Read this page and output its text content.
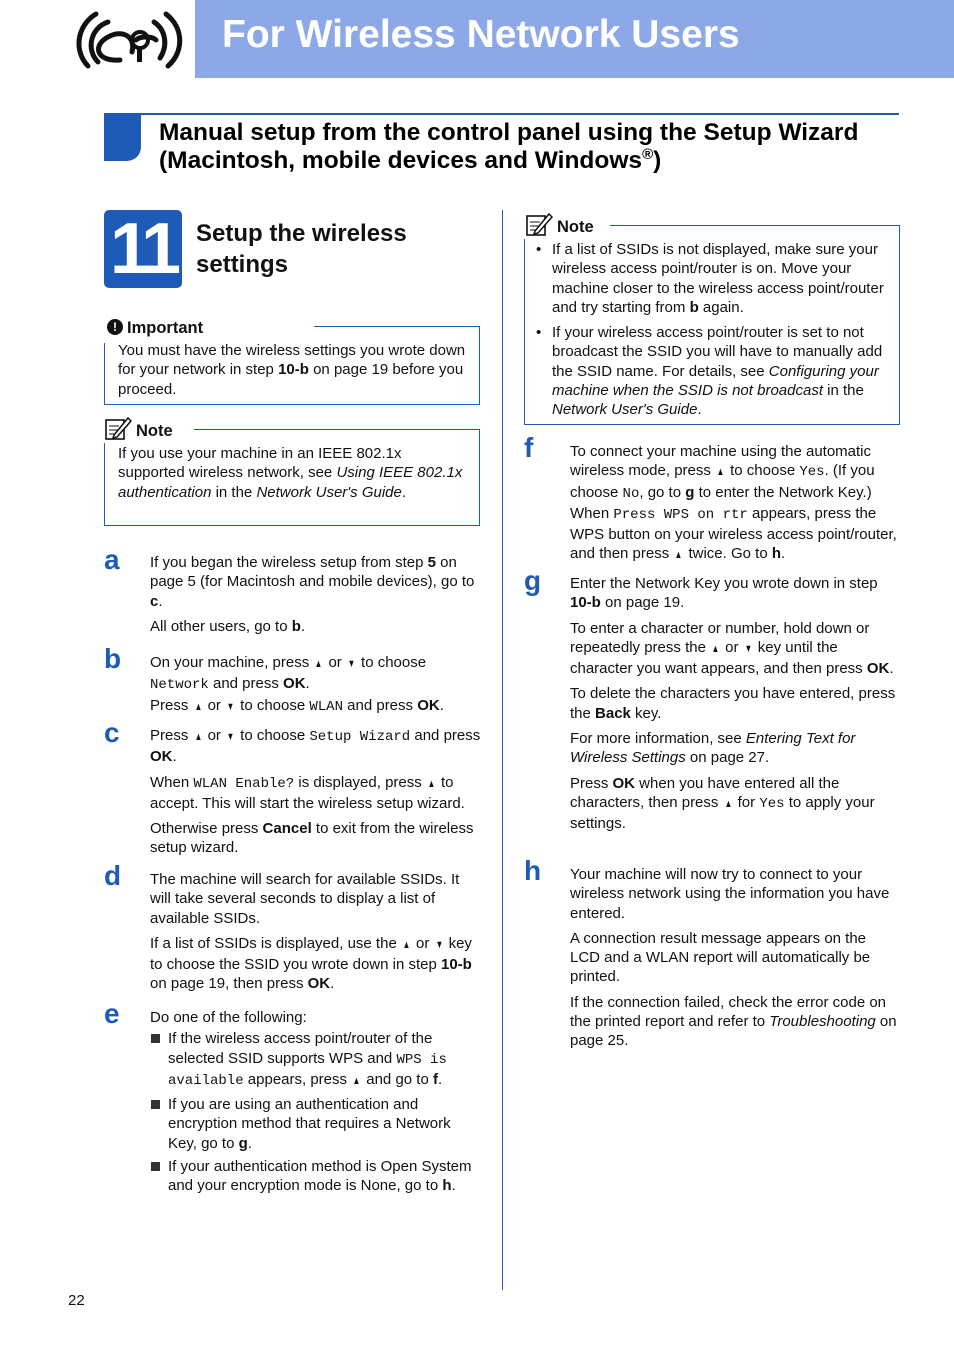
For Wireless Network Users
Manual setup from the control panel using the Setup Wizard (Macintosh, mobile devices and Windows®)
11 Setup the wireless settings
! Important
You must have the wireless settings you wrote down for your network in step 10-b on page 19 before you proceed.
Note
If you use your machine in an IEEE 802.1x supported wireless network, see Using IEEE 802.1x authentication in the Network User's Guide.
a If you began the wireless setup from step 5 on page 5 (for Macintosh and mobile devices), go to c.

All other users, go to b.

b On your machine, press ▲ or ▼ to choose

Network and press OK.

Press ▲ or ▼ to choose WLAN and press OK.

c Press ▲ or ▼ to choose Setup Wizard and press OK.

When WLAN Enable? is displayed, press ▲ to accept. This will start the wireless setup wizard.

Otherwise press Cancel to exit from the wireless setup wizard.

d The machine will search for available SSIDs. It will take several seconds to display a list of available SSIDs.

If a list of SSIDs is displayed, use the ▲ or ▼ key to choose the SSID you wrote down in step 10-b on page 19, then press OK.

e Do one of the following:

If the wireless access point/router of the selected SSID supports WPS and WPS is available appears, press ▲ and go to f.
If you are using an authentication and encryption method that requires a Network Key, go to g.
If your authentication method is Open System and your encryption mode is None, go to h.
Note
• If a list of SSIDs is not displayed, make sure your wireless access point/router is on. Move your machine closer to the wireless access point/router and try starting from b again.
• If your wireless access point/router is set to not broadcast the SSID you will have to manually add the SSID name. For details, see Configuring your machine when the SSID is not broadcast in the Network User's Guide.
f To connect your machine using the automatic wireless mode, press ▲ to choose Yes. (If you choose No, go to g to enter the Network Key.) When Press WPS on rtr appears, press the WPS button on your wireless access point/router, and then press ▲ twice. Go to h.

g Enter the Network Key you wrote down in step 10-b on page 19.

To enter a character or number, hold down or repeatedly press the ▲ or ▼ key until the character you want appears, and then press OK.

To delete the characters you have entered, press the Back key.

For more information, see Entering Text for Wireless Settings on page 27.

Press OK when you have entered all the characters, then press ▲ for Yes to apply your settings.

h Your machine will now try to connect to your wireless network using the information you have entered.

A connection result message appears on the LCD and a WLAN report will automatically be printed.

If the connection failed, check the error code on the printed report and refer to Troubleshooting on page 25.

22
